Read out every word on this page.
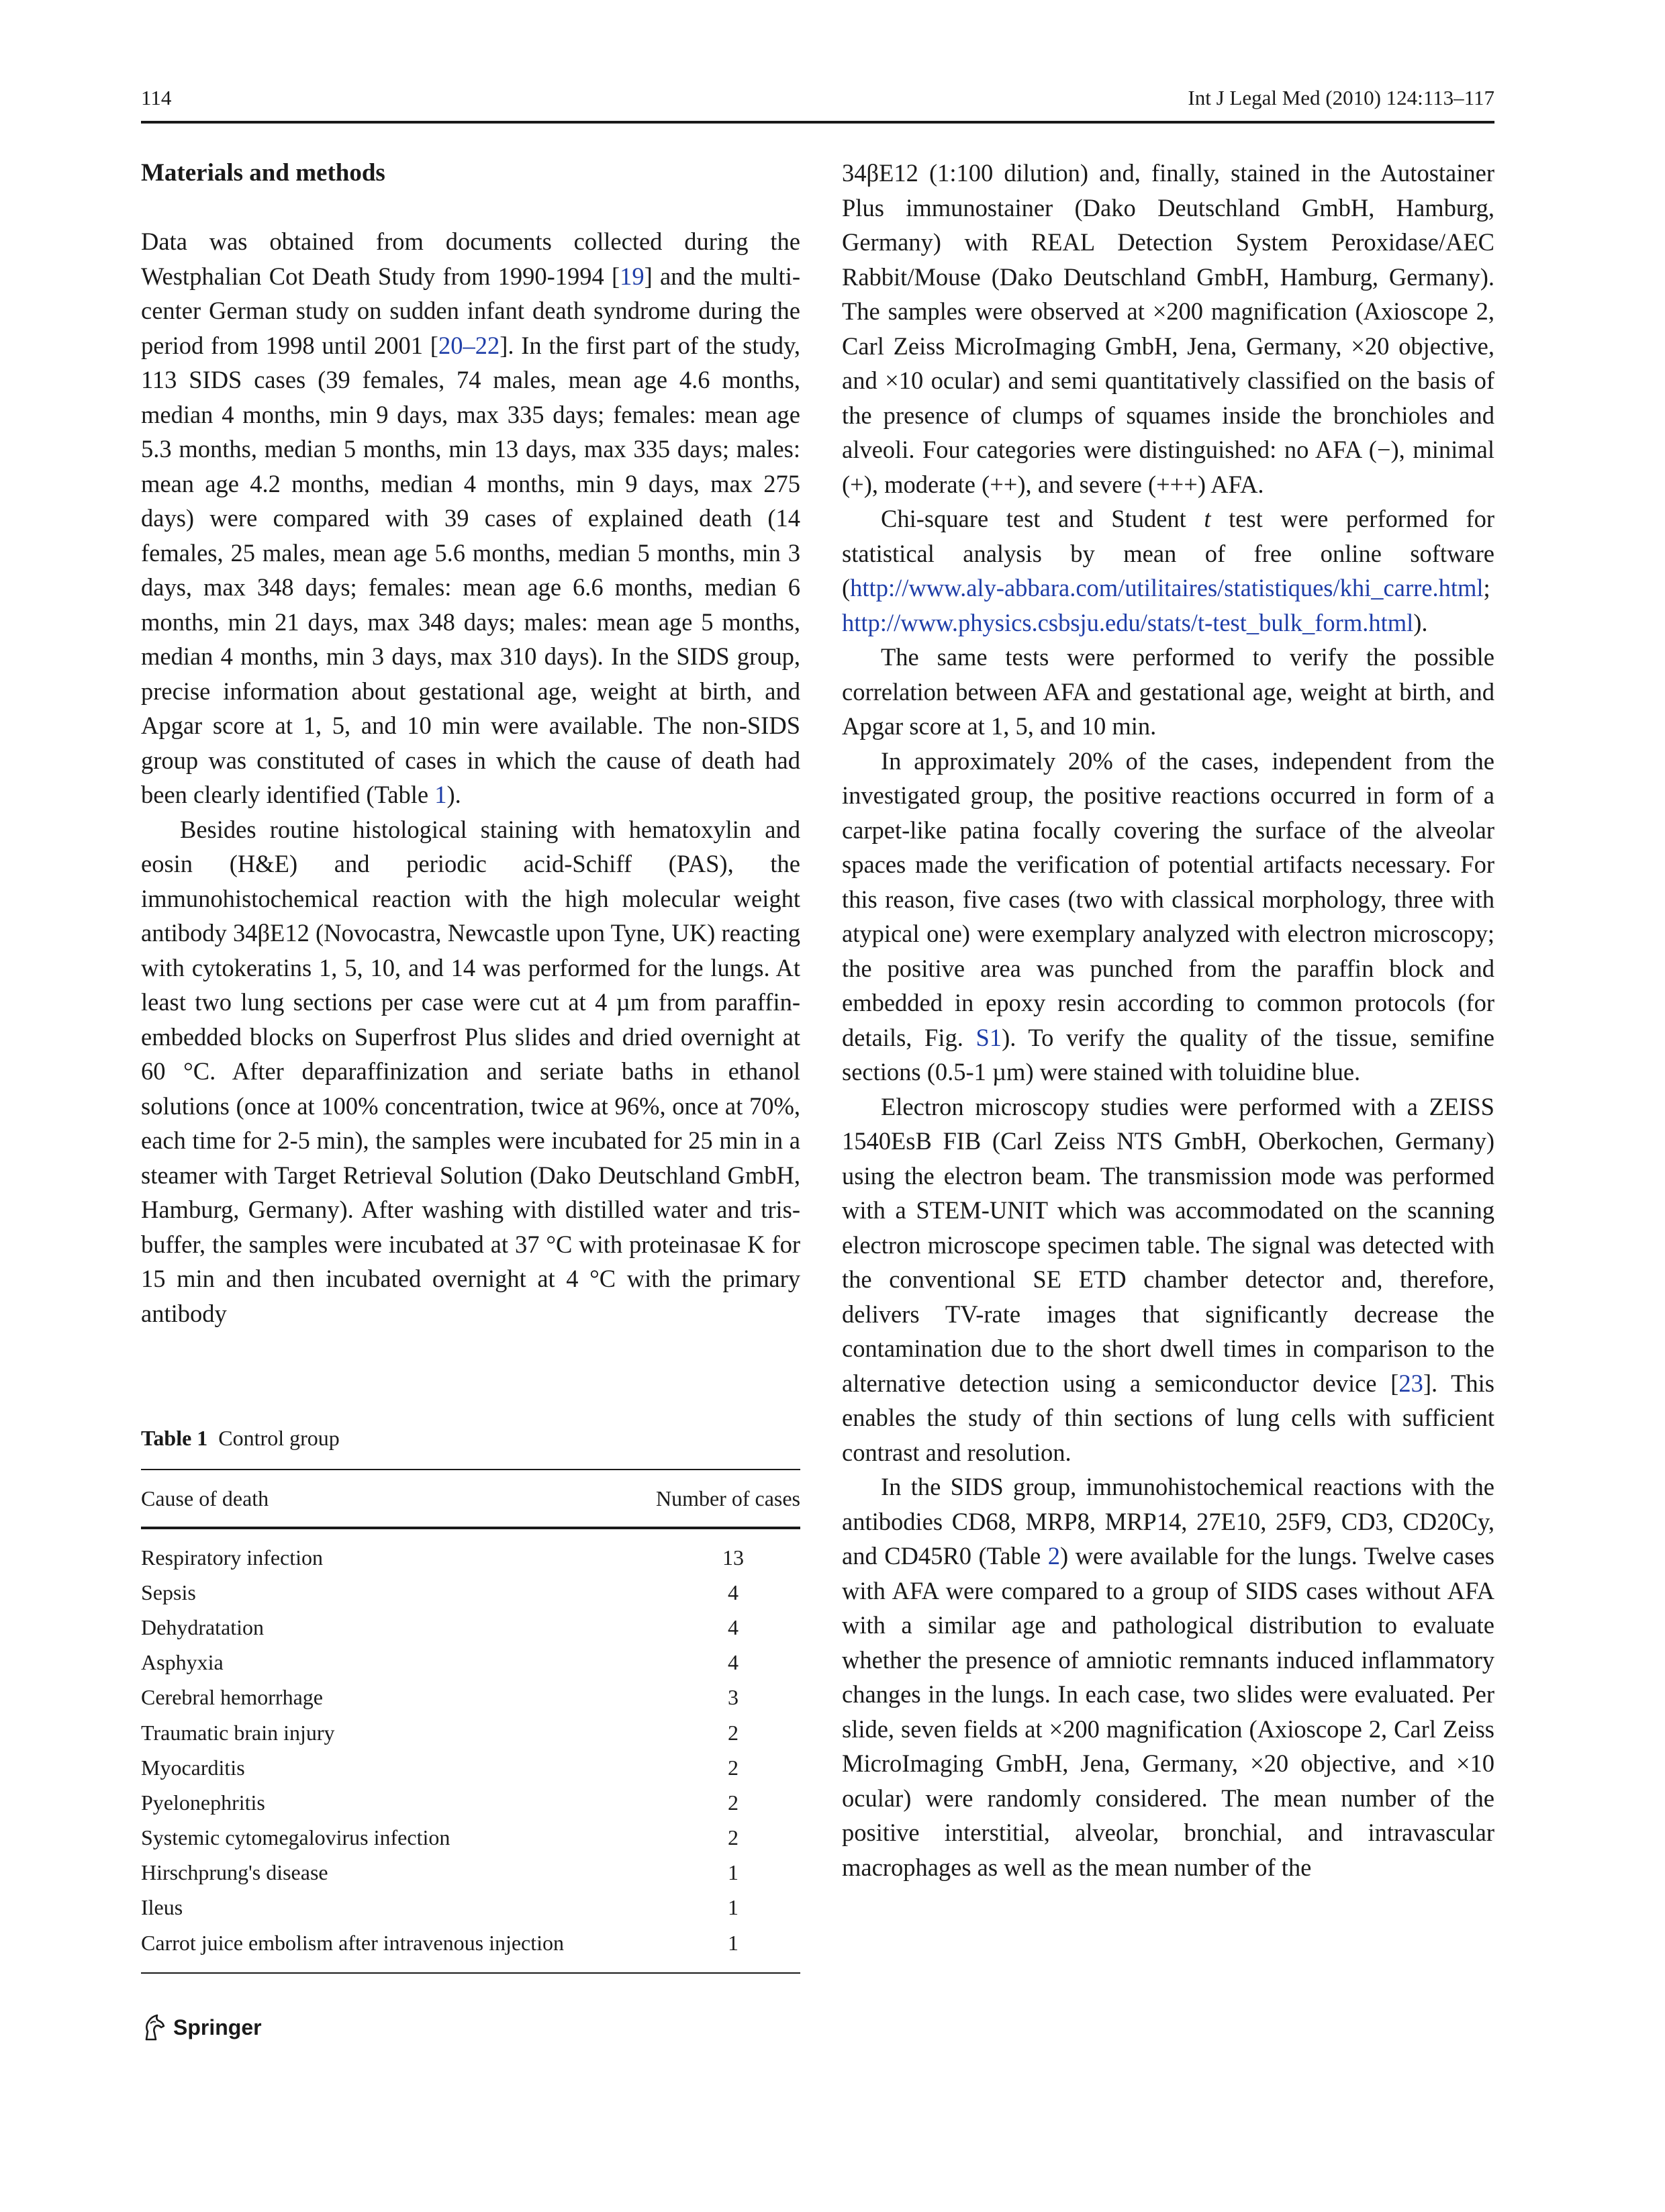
114	Int J Legal Med (2010) 124:113–117
Materials and methods

Data was obtained from documents collected during the Westphalian Cot Death Study from 1990-1994 [19] and the multi-center German study on sudden infant death syndrome during the period from 1998 until 2001 [20–22]. In the first part of the study, 113 SIDS cases (39 females, 74 males, mean age 4.6 months, median 4 months, min 9 days, max 335 days; females: mean age 5.3 months, median 5 months, min 13 days, max 335 days; males: mean age 4.2 months, median 4 months, min 9 days, max 275 days) were compared with 39 cases of explained death (14 females, 25 males, mean age 5.6 months, median 5 months, min 3 days, max 348 days; females: mean age 6.6 months, median 6 months, min 21 days, max 348 days; males: mean age 5 months, median 4 months, min 3 days, max 310 days). In the SIDS group, precise information about gestational age, weight at birth, and Apgar score at 1, 5, and 10 min were available. The non-SIDS group was constituted of cases in which the cause of death had been clearly identified (Table 1).

Besides routine histological staining with hematoxylin and eosin (H&E) and periodic acid-Schiff (PAS), the immunohistochemical reaction with the high molecular weight antibody 34βE12 (Novocastra, Newcastle upon Tyne, UK) reacting with cytokeratins 1, 5, 10, and 14 was performed for the lungs. At least two lung sections per case were cut at 4 µm from paraffin-embedded blocks on Superfrost Plus slides and dried overnight at 60 °C. After deparaffinization and seriate baths in ethanol solutions (once at 100% concentration, twice at 96%, once at 70%, each time for 2-5 min), the samples were incubated for 25 min in a steamer with Target Retrieval Solution (Dako Deutschland GmbH, Hamburg, Germany). After washing with distilled water and tris-buffer, the samples were incubated at 37 °C with proteinasae K for 15 min and then incubated overnight at 4 °C with the primary antibody

Table 1 Control group
Cause of death	Number of cases
Respiratory infection	13
Sepsis	4
Dehydratation	4
Asphyxia	4
Cerebral hemorrhage	3
Traumatic brain injury	2
Myocarditis	2
Pyelonephritis	2
Systemic cytomegalovirus infection	2
Hirschprung's disease	1
Ileus	1
Carrot juice embolism after intravenous injection	1

34βE12 (1:100 dilution) and, finally, stained in the Autostainer Plus immunostainer (Dako Deutschland GmbH, Hamburg, Germany) with REAL Detection System Peroxidase/AEC Rabbit/Mouse (Dako Deutschland GmbH, Hamburg, Germany). The samples were observed at ×200 magnification (Axioscope 2, Carl Zeiss MicroImaging GmbH, Jena, Germany, ×20 objective, and ×10 ocular) and semi quantitatively classified on the basis of the presence of clumps of squames inside the bronchioles and alveoli. Four categories were distinguished: no AFA (−), minimal (+), moderate (++), and severe (+++) AFA.

Chi-square test and Student t test were performed for statistical analysis by mean of free online software (http://www.aly-abbara.com/utilitaires/statistiques/khi_carre.html; http://www.physics.csbsju.edu/stats/t-test_bulk_form.html).

The same tests were performed to verify the possible correlation between AFA and gestational age, weight at birth, and Apgar score at 1, 5, and 10 min.

In approximately 20% of the cases, independent from the investigated group, the positive reactions occurred in form of a carpet-like patina focally covering the surface of the alveolar spaces made the verification of potential artifacts necessary. For this reason, five cases (two with classical morphology, three with atypical one) were exemplary analyzed with electron microscopy; the positive area was punched from the paraffin block and embedded in epoxy resin according to common protocols (for details, Fig. S1). To verify the quality of the tissue, semifine sections (0.5-1 µm) were stained with toluidine blue.

Electron microscopy studies were performed with a ZEISS 1540EsB FIB (Carl Zeiss NTS GmbH, Oberkochen, Germany) using the electron beam. The transmission mode was performed with a STEM-UNIT which was accommodated on the scanning electron microscope specimen table. The signal was detected with the conventional SE ETD chamber detector and, therefore, delivers TV-rate images that significantly decrease the contamination due to the short dwell times in comparison to the alternative detection using a semiconductor device [23]. This enables the study of thin sections of lung cells with sufficient contrast and resolution.

In the SIDS group, immunohistochemical reactions with the antibodies CD68, MRP8, MRP14, 27E10, 25F9, CD3, CD20Cy, and CD45R0 (Table 2) were available for the lungs. Twelve cases with AFA were compared to a group of SIDS cases without AFA with a similar age and pathological distribution to evaluate whether the presence of amniotic remnants induced inflammatory changes in the lungs. In each case, two slides were evaluated. Per slide, seven fields at ×200 magnification (Axioscope 2, Carl Zeiss MicroImaging GmbH, Jena, Germany, ×20 objective, and ×10 ocular) were randomly considered. The mean number of the positive interstitial, alveolar, bronchial, and intravascular macrophages as well as the mean number of the

Springer
